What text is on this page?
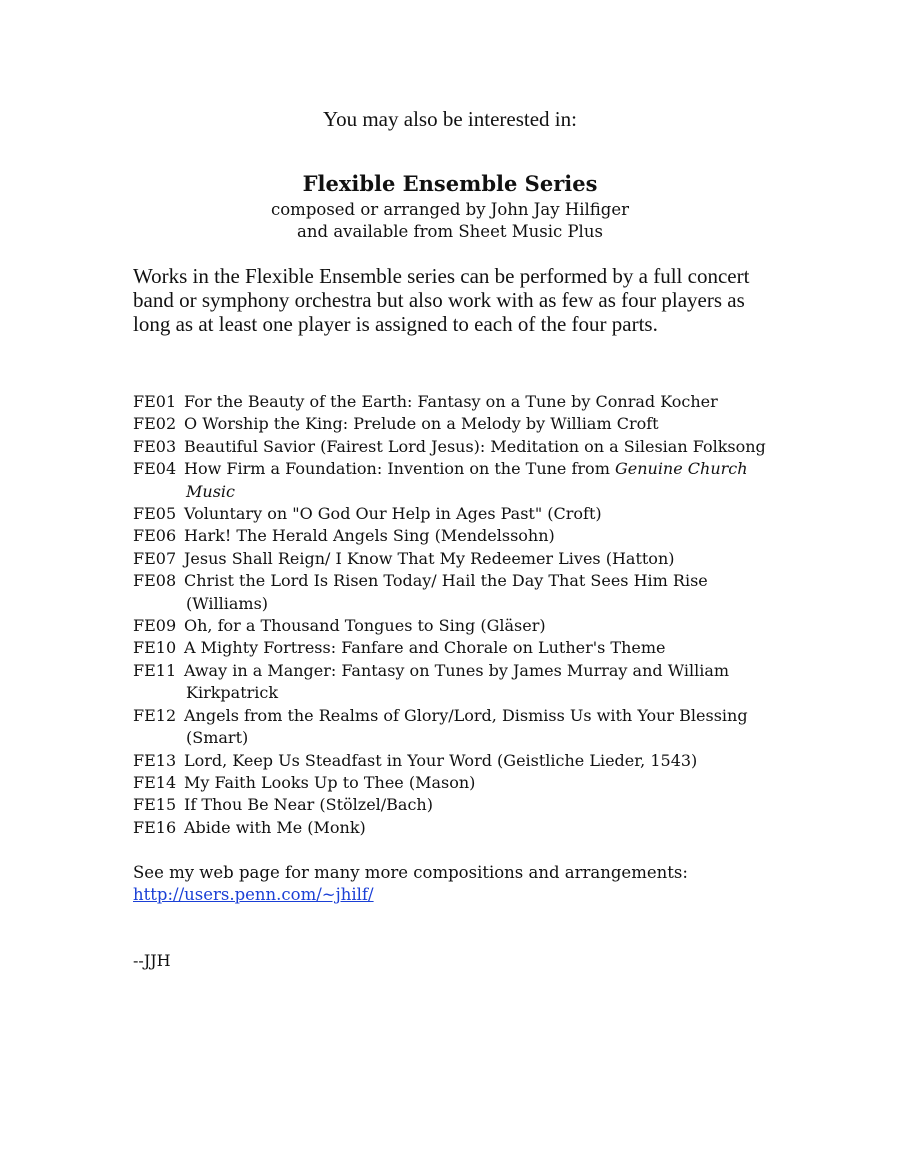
You may also be interested in:
Flexible Ensemble Series
composed or arranged by John Jay Hilfiger
and available from Sheet Music Plus

Works in the Flexible Ensemble series can be performed by a full concert

band or symphony orchestra but also work with as few as four players as

long as at least one player is assigned to each of the four parts.

FE01 For the Beauty of the Earth: Fantasy on a Tune by Conrad Kocher
FE02 O Worship the King: Prelude on a Melody by William Croft
FE03 Beautiful Savior (Fairest Lord Jesus): Meditation on a Silesian Folksong
FE04 How Firm a Foundation: Invention on the Tune from Genuine Church
Music
FE05 Voluntary on "O God Our Help in Ages Past" (Croft)
FE06 Hark! The Herald Angels Sing (Mendelssohn)
FE07 Jesus Shall Reign/ I Know That My Redeemer Lives (Hatton)
FE08 Christ the Lord Is Risen Today/ Hail the Day That Sees Him Rise
(Williams)
FE09 Oh, for a Thousand Tongues to Sing (Gläser)
FE10 A Mighty Fortress: Fanfare and Chorale on Luther's Theme
FE11 Away in a Manger: Fantasy on Tunes by James Murray and William
Kirkpatrick
FE12 Angels from the Realms of Glory/Lord, Dismiss Us with Your Blessing
(Smart)
FE13 Lord, Keep Us Steadfast in Your Word (Geistliche Lieder, 1543)
FE14 My Faith Looks Up to Thee (Mason)
FE15 If Thou Be Near (Stölzel/Bach)
FE16 Abide with Me (Monk)
See my web page for many more compositions and arrangements:
http://users.penn.com/~jhilf/
--JJH
